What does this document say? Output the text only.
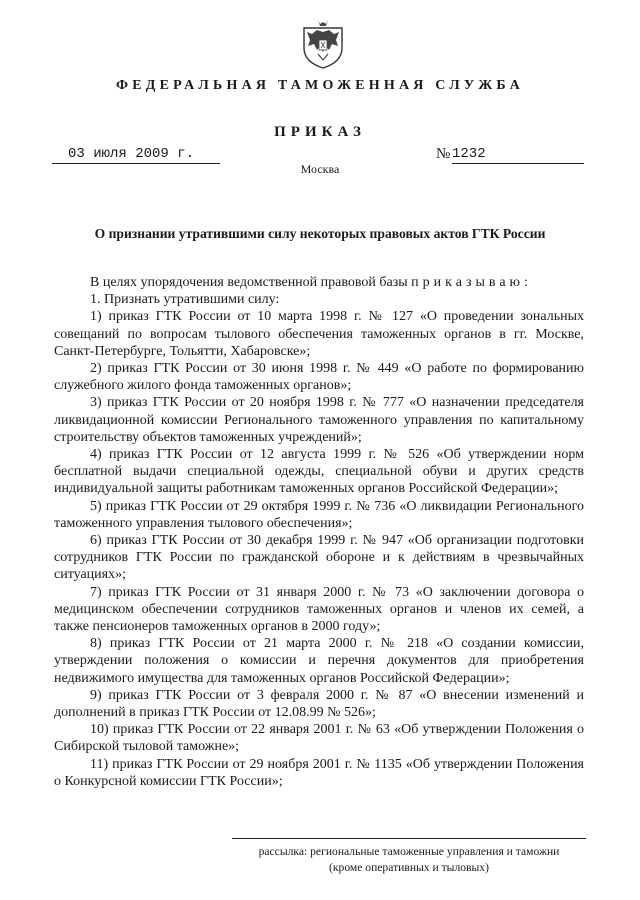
ФЕДЕРАЛЬНАЯ ТАМОЖЕННАЯ СЛУЖБА
ПРИКАЗ
03 июля 2009 г.	№ 1232
Москва
О признании утратившими силу некоторых правовых актов ГТК России

В целях упорядочения ведомственной правовой базы приказываю:

1. Признать утратившими силу:

1) приказ ГТК России от 10 марта 1998 г. № 127 «О проведении зональных совещаний по вопросам тылового обеспечения таможенных органов в гг. Москве, Санкт-Петербурге, Тольятти, Хабаровске»;

2) приказ ГТК России от 30 июня 1998 г. № 449 «О работе по формированию служебного жилого фонда таможенных органов»;

3) приказ ГТК России от 20 ноября 1998 г. № 777 «О назначении председателя ликвидационной комиссии Регионального таможенного управления по капитальному строительству объектов таможенных учреждений»;

4) приказ ГТК России от 12 августа 1999 г. № 526 «Об утверждении норм бесплатной выдачи специальной одежды, специальной обуви и других средств индивидуальной защиты работникам таможенных органов Российской Федерации»;

5) приказ ГТК России от 29 октября 1999 г. № 736 «О ликвидации Регионального таможенного управления тылового обеспечения»;

6) приказ ГТК России от 30 декабря 1999 г. № 947 «Об организации подготовки сотрудников ГТК России по гражданской обороне и к действиям в чрезвычайных ситуациях»;

7) приказ ГТК России от 31 января 2000 г. № 73 «О заключении договора о медицинском обеспечении сотрудников таможенных органов и членов их семей, а также пенсионеров таможенных органов в 2000 году»;

8) приказ ГТК России от 21 марта 2000 г. № 218 «О создании комиссии, утверждении положения о комиссии и перечня документов для приобретения недвижимого имущества для таможенных органов Российской Федерации»;

9) приказ ГТК России от 3 февраля 2000 г. № 87 «О внесении изменений и дополнений в приказ ГТК России от 12.08.99 № 526»;

10) приказ ГТК России от 22 января 2001 г. № 63 «Об утверждении Положения о Сибирской тыловой таможне»;

11) приказ ГТК России от 29 ноября 2001 г. № 1135 «Об утверждении Положения о Конкурсной комиссии ГТК России»;

рассылка: региональные таможенные управления и таможни
(кроме оперативных и тыловых)
